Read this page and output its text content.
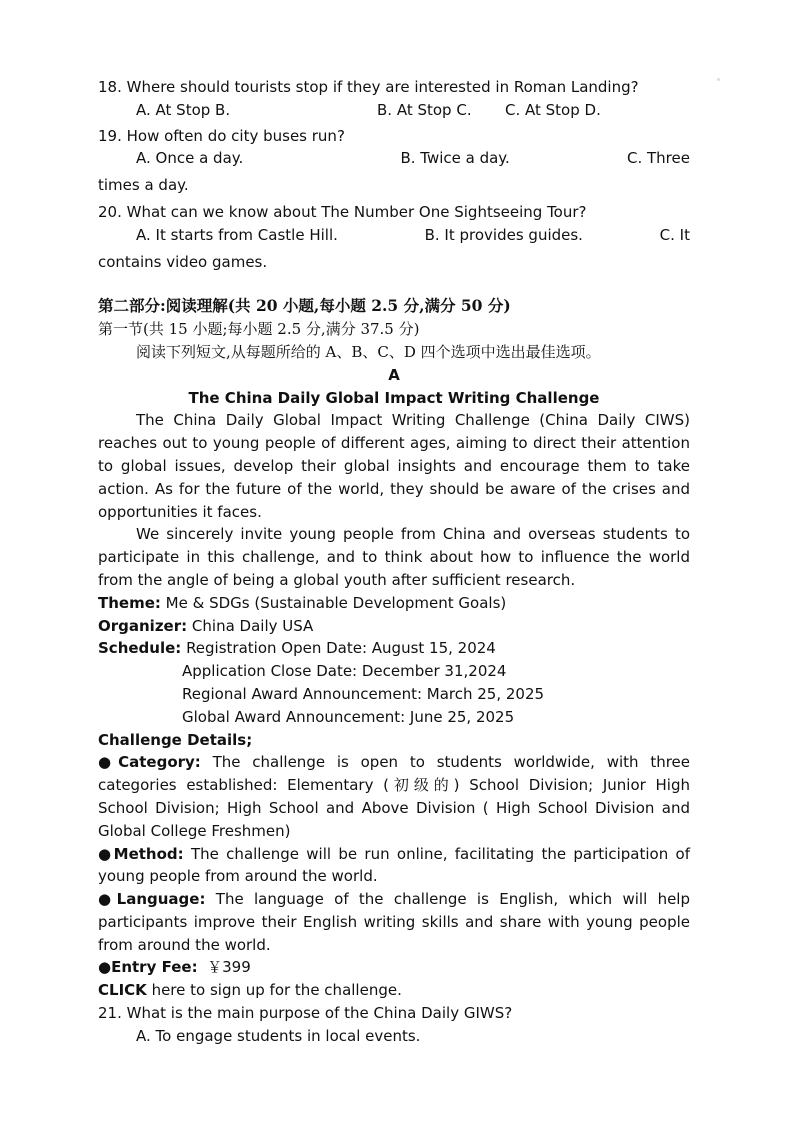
18. Where should tourists stop if they are interested in Roman Landing?

A. At Stop B.	B. At Stop C.	C. At Stop D.

19. How often do city buses run?

A. Once a day.	B. Twice a day.	C. Three

times a day.

20. What can we know about The Number One Sightseeing Tour?

A. It starts from Castle Hill.	B. It provides guides.	C. It

contains video games.

第二部分:阅读理解(共 20 小题,每小题 2.5 分,满分 50 分)

第一节(共 15 小题;每小题 2.5 分,满分 37.5 分)

阅读下列短文,从每题所给的 A、B、C、D 四个选项中选出最佳选项。

A

The China Daily Global Impact Writing Challenge

The China Daily Global Impact Writing Challenge (China Daily CIWS) reaches out to young people of different ages, aiming to direct their attention to global issues, develop their global insights and encourage them to take action. As for the future of the world, they should be aware of the crises and opportunities it faces.

We sincerely invite young people from China and overseas students to participate in this challenge, and to think about how to influence the world from the angle of being a global youth after sufficient research.

Theme: Me & SDGs (Sustainable Development Goals)

Organizer: China Daily USA

Schedule: Registration Open Date: August 15, 2024

Application Close Date: December 31,2024

Regional Award Announcement: March 25, 2025

Global Award Announcement: June 25, 2025

Challenge Details;

●Category: The challenge is open to students worldwide, with three categories established: Elementary (初级的) School Division; Junior High School Division; High School and Above Division ( High School Division and Global College Freshmen)

●Method: The challenge will be run online, facilitating the participation of young people from around the world.

●Language: The language of the challenge is English, which will help participants improve their English writing skills and share with young people from around the world.

●Entry Fee: ￥399

CLICK here to sign up for the challenge.

21. What is the main purpose of the China Daily GIWS?

A. To engage students in local events.
